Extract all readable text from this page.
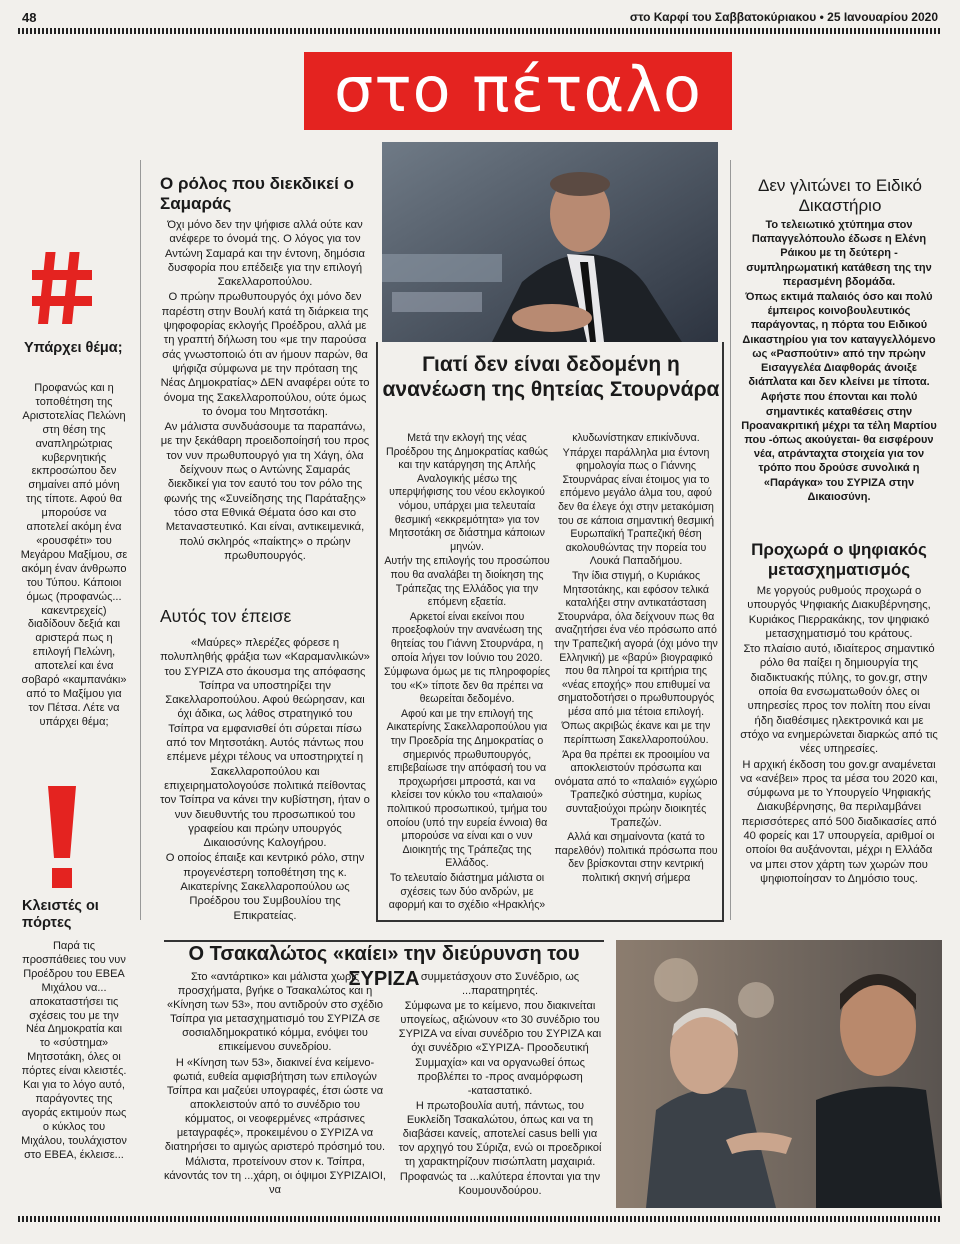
48	στο Καρφί του Σαββατοκύριακου • 25 Ιανουαρίου 2020
στο πέταλο
Υπάρχει θέμα;
Προφανώς και η τοποθέτηση της Αριστοτελίας Πελώνη στη θέση της αναπληρώτριας κυβερνητικής εκπροσώπου δεν σημαίνει από μόνη της τίποτε. Αφού θα μπορούσε να αποτελεί ακόμη ένα «ρουσφέτι» του Μεγάρου Μαξίμου, σε ακόμη έναν άνθρωπο του Τύπου. Κάποιοι όμως (προφανώς... κακεντρεχείς) διαδίδουν δεξιά και αριστερά πως η επιλογή Πελώνη, αποτελεί και ένα σοβαρό «καμπανάκι» από το Μαξίμου για τον Πέτσα. Λέτε να υπάρχει θέμα;
Κλειστές οι πόρτες
Παρά τις προσπάθειες του νυν Προέδρου του ΕΒΕΑ Μιχάλου να... αποκαταστήσει τις σχέσεις του με την Νέα Δημοκρατία και το «σύστημα» Μητσοτάκη, όλες οι πόρτες είναι κλειστές. Και για το λόγο αυτό, παράγοντες της αγοράς εκτιμούν πως ο κύκλος του Μιχάλου, τουλάχιστον στο ΕΒΕΑ, έκλεισε...
Ο ρόλος που διεκδικεί ο Σαμαράς

Όχι μόνο δεν την ψήφισε αλλά ούτε καν ανέφερε το όνομά της. Ο λόγος για τον Αντώνη Σαμαρά και την έντονη, δημόσια δυσφορία που επέδειξε για την επιλογή Σακελλαροπούλου.

Ο πρώην πρωθυπουργός όχι μόνο δεν παρέστη στην Βουλή κατά τη διάρκεια της ψηφοφορίας εκλογής Προέδρου, αλλά με τη γραπτή δήλωση του «με την παρούσα σάς γνωστοποιώ ότι αν ήμουν παρών, θα ψήφιζα σύμφωνα με την πρόταση της Νέας Δημοκρατίας» ΔΕΝ αναφέρει ούτε το όνομα της Σακελλαροπούλου, ούτε όμως το όνομα του Μητσοτάκη.

Αν μάλιστα συνδυάσουμε τα παραπάνω, με την ξεκάθαρη προειδοποίησή του προς τον νυν πρωθυπουργό για τη Χάγη, όλα δείχνουν πως ο Αντώνης Σαμαράς διεκδικεί για τον εαυτό του τον ρόλο της φωνής της «Συνείδησης της Παράταξης» τόσο στα Εθνικά Θέματα όσο και στο Μεταναστευτικό. Και είναι, αντικειμενικά, πολύ σκληρός «παίκτης» ο πρώην πρωθυπουργός.

Αυτός τον έπεισε

«Μαύρες» πλερέζες φόρεσε η πολυπληθής φράξια των «Καραμανλικών» του ΣΥΡΙΖΑ στο άκουσμα της απόφασης Τσίπρα να υποστηρίξει την Σακελλαροπούλου. Αφού θεώρησαν, και όχι άδικα, ως λάθος στρατηγικό του Τσίπρα να εμφανισθεί ότι σύρεται πίσω από τον Μητσοτάκη. Αυτός πάντως που επέμενε μέχρι τέλους να υποστηριχτεί η Σακελλαροπούλου και επιχειρηματολογούσε πολιτικά πείθοντας τον Τσίπρα να κάνει την κυβίστηση, ήταν ο νυν διευθυντής του προσωπικού του γραφείου και πρώην υπουργός Δικαιοσύνης Καλογήρου.

Ο οποίος έπαιξε και κεντρικό ρόλο, στην προγενέστερη τοποθέτηση της κ. Αικατερίνης Σακελλαροπούλου ως Προέδρου του Συμβουλίου της Επικρατείας.

Γιατί δεν είναι δεδομένη η ανανέωση της θητείας Στουρνάρα

Μετά την εκλογή της νέας Προέδρου της Δημοκρατίας καθώς και την κατάργηση της Απλής Αναλογικής μέσω της υπερψήφισης του νέου εκλογικού νόμου, υπάρχει μια τελευταία θεσμική «εκκρεμότητα» για τον Μητσοτάκη σε διάστημα κάποιων μηνών.

Αυτήν της επιλογής του προσώπου που θα αναλάβει τη διοίκηση της Τράπεζας της Ελλάδος για την επόμενη εξαετία.

Αρκετοί είναι εκείνοι που προεξοφλούν την ανανέωση της θητείας του Γιάννη Στουρνάρα, η οποία λήγει τον Ιούνιο του 2020.

Σύμφωνα όμως με τις πληροφορίες του «Κ» τίποτε δεν θα πρέπει να θεωρείται δεδομένο.

Αφού και με την επιλογή της Αικατερίνης Σακελλαροπούλου για την Προεδρία της Δημοκρατίας ο σημερινός πρωθυπουργός, επιβεβαίωσε την απόφασή του να προχωρήσει μπροστά, και να κλείσει τον κύκλο του «παλαιού» πολιτικού προσωπικού, τμήμα του οποίου (υπό την ευρεία έννοια) θα μπορούσε να είναι και ο νυν Διοικητής της Τράπεζας της Ελλάδος.

Το τελευταίο διάστημα μάλιστα οι σχέσεις των δύο ανδρών, με αφορμή και το σχέδιο «Ηρακλής»

κλυδωνίστηκαν επικίνδυνα.

Υπάρχει παράλληλα μια έντονη φημολογία πως ο Γιάννης Στουρνάρας είναι έτοιμος για το επόμενο μεγάλο άλμα του, αφού δεν θα έλεγε όχι στην μετακόμιση του σε κάποια σημαντική θεσμική Ευρωπαϊκή Τραπεζική θέση ακολουθώντας την πορεία του Λουκά Παπαδήμου.

Την ίδια στιγμή, ο Κυριάκος Μητσοτάκης, και εφόσον τελικά καταλήξει στην αντικατάσταση Στουρνάρα, όλα δείχνουν πως θα αναζητήσει ένα νέο πρόσωπο από την Τραπεζική αγορά (όχι μόνο την Ελληνική) με «βαρύ» βιογραφικό που θα πληροί τα κριτήρια της «νέας εποχής» που επιθυμεί να σηματοδοτήσει ο πρωθυπουργός μέσα από μια τέτοια επιλογή.

Όπως ακριβώς έκανε και με την περίπτωση Σακελλαροπούλου.

Άρα θα πρέπει εκ προοιμίου να αποκλειστούν πρόσωπα και ονόματα από το «παλαιό» εγχώριο Τραπεζικό σύστημα, κυρίως συνταξιούχοι πρώην διοικητές Τραπεζών.

Αλλά και σημαίνοντα (κατά το παρελθόν) πολιτικά πρόσωπα που δεν βρίσκονται στην κεντρική πολιτική σκηνή σήμερα

Δεν γλιτώνει το Ειδικό Δικαστήριο

Το τελειωτικό χτύπημα στον Παπαγγελόπουλο έδωσε η Ελένη Ράικου με τη δεύτερη - συμπληρωματική κατάθεση της την περασμένη βδομάδα.

Όπως εκτιμά παλαιός όσο και πολύ έμπειρος κοινοβουλευτικός παράγοντας, η πόρτα του Ειδικού Δικαστηρίου για τον καταγγελλόμενο ως «Ρασπούτιν» από την πρώην Εισαγγελέα Διαφθοράς άνοιξε διάπλατα και δεν κλείνει με τίποτα.

Αφήστε που έπονται και πολύ σημαντικές καταθέσεις στην Προανακριτική μέχρι τα τέλη Μαρτίου που -όπως ακούγεται- θα εισφέρουν νέα, ατράνταχτα στοιχεία για τον τρόπο που δρούσε συνολικά η «Παράγκα» του ΣΥΡΙΖΑ στην Δικαιοσύνη.

Προχωρά ο ψηφιακός μετασχηματισμός

Με γοργούς ρυθμούς προχωρά ο υπουργός Ψηφιακής Διακυβέρνησης, Κυριάκος Πιερρακάκης, τον ψηφιακό μετασχηματισμό του κράτους.

Στο πλαίσιο αυτό, ιδιαίτερος σημαντικό ρόλο θα παίξει η δημιουργία της διαδικτυακής πύλης, το gov.gr, στην οποία θα ενσωματωθούν όλες οι υπηρεσίες προς τον πολίτη που είναι ήδη διαθέσιμες ηλεκτρονικά και με στόχο να ενημερώνεται διαρκώς από τις νέες υπηρεσίες.

Η αρχική έκδοση του gov.gr αναμένεται να «ανέβει» προς τα μέσα του 2020 και, σύμφωνα με το Υπουργείο Ψηφιακής Διακυβέρνησης, θα περιλαμβάνει περισσότερες από 500 διαδικασίες από 40 φορείς και 17 υπουργεία, αριθμοί οι οποίοι θα αυξάνονται, μέχρι η Ελλάδα να μπει στον χάρτη των χωρών που ψηφιοποίησαν το Δημόσιο τους.

Ο Τσακαλώτος «καίει» την διεύρυνση του ΣΥΡΙΖΑ

Στο «αντάρτικο» και μάλιστα χωρίς προσχήματα, βγήκε ο Τσακαλώτος και η «Κίνηση των 53», που αντιδρούν στο σχέδιο Τσίπρα για μετασχηματισμό του ΣΥΡΙΖΑ σε σοσιαλδημοκρατικό κόμμα, ενόψει του επικείμενου συνεδρίου.

Η «Κίνηση των 53», διακινεί ένα κείμενο-φωτιά, ευθεία αμφισβήτηση των επιλογών Τσίπρα και μαζεύει υπογραφές, έτσι ώστε να αποκλειστούν από το συνέδριο του κόμματος, οι νεοφερμένες «πράσινες μεταγραφές», προκειμένου ο ΣΥΡΙΖΑ να διατηρήσει το αμιγώς αριστερό πρόσημό του.

Μάλιστα, προτείνουν στον κ. Τσίπρα, κάνοντάς τον τη ...χάρη, οι όψιμοι ΣΥΡΙΖΑΙΟΙ, να

συμμετάσχουν στο Συνέδριο, ως ...παρατηρητές.

Σύμφωνα με το κείμενο, που διακινείται υπογείως, αξιώνουν «το 30 συνέδριο του ΣΥΡΙΖΑ να είναι συνέδριο του ΣΥΡΙΖΑ και όχι συνέδριο «ΣΥΡΙΖΑ- Προοδευτική Συμμαχία» και να οργανωθεί όπως προβλέπει το -προς αναμόρφωση -καταστατικό.

Η πρωτοβουλία αυτή, πάντως, του Ευκλείδη Τσακαλώτου, όπως και να τη διαβάσει κανείς, αποτελεί casus belli για τον αρχηγό του Σύριζα, ενώ οι προεδρικοί τη χαρακτηρίζουν πισώπλατη μαχαιριά.

Προφανώς τα ...καλύτερα έπονται για την Κουμουνδούρου.
